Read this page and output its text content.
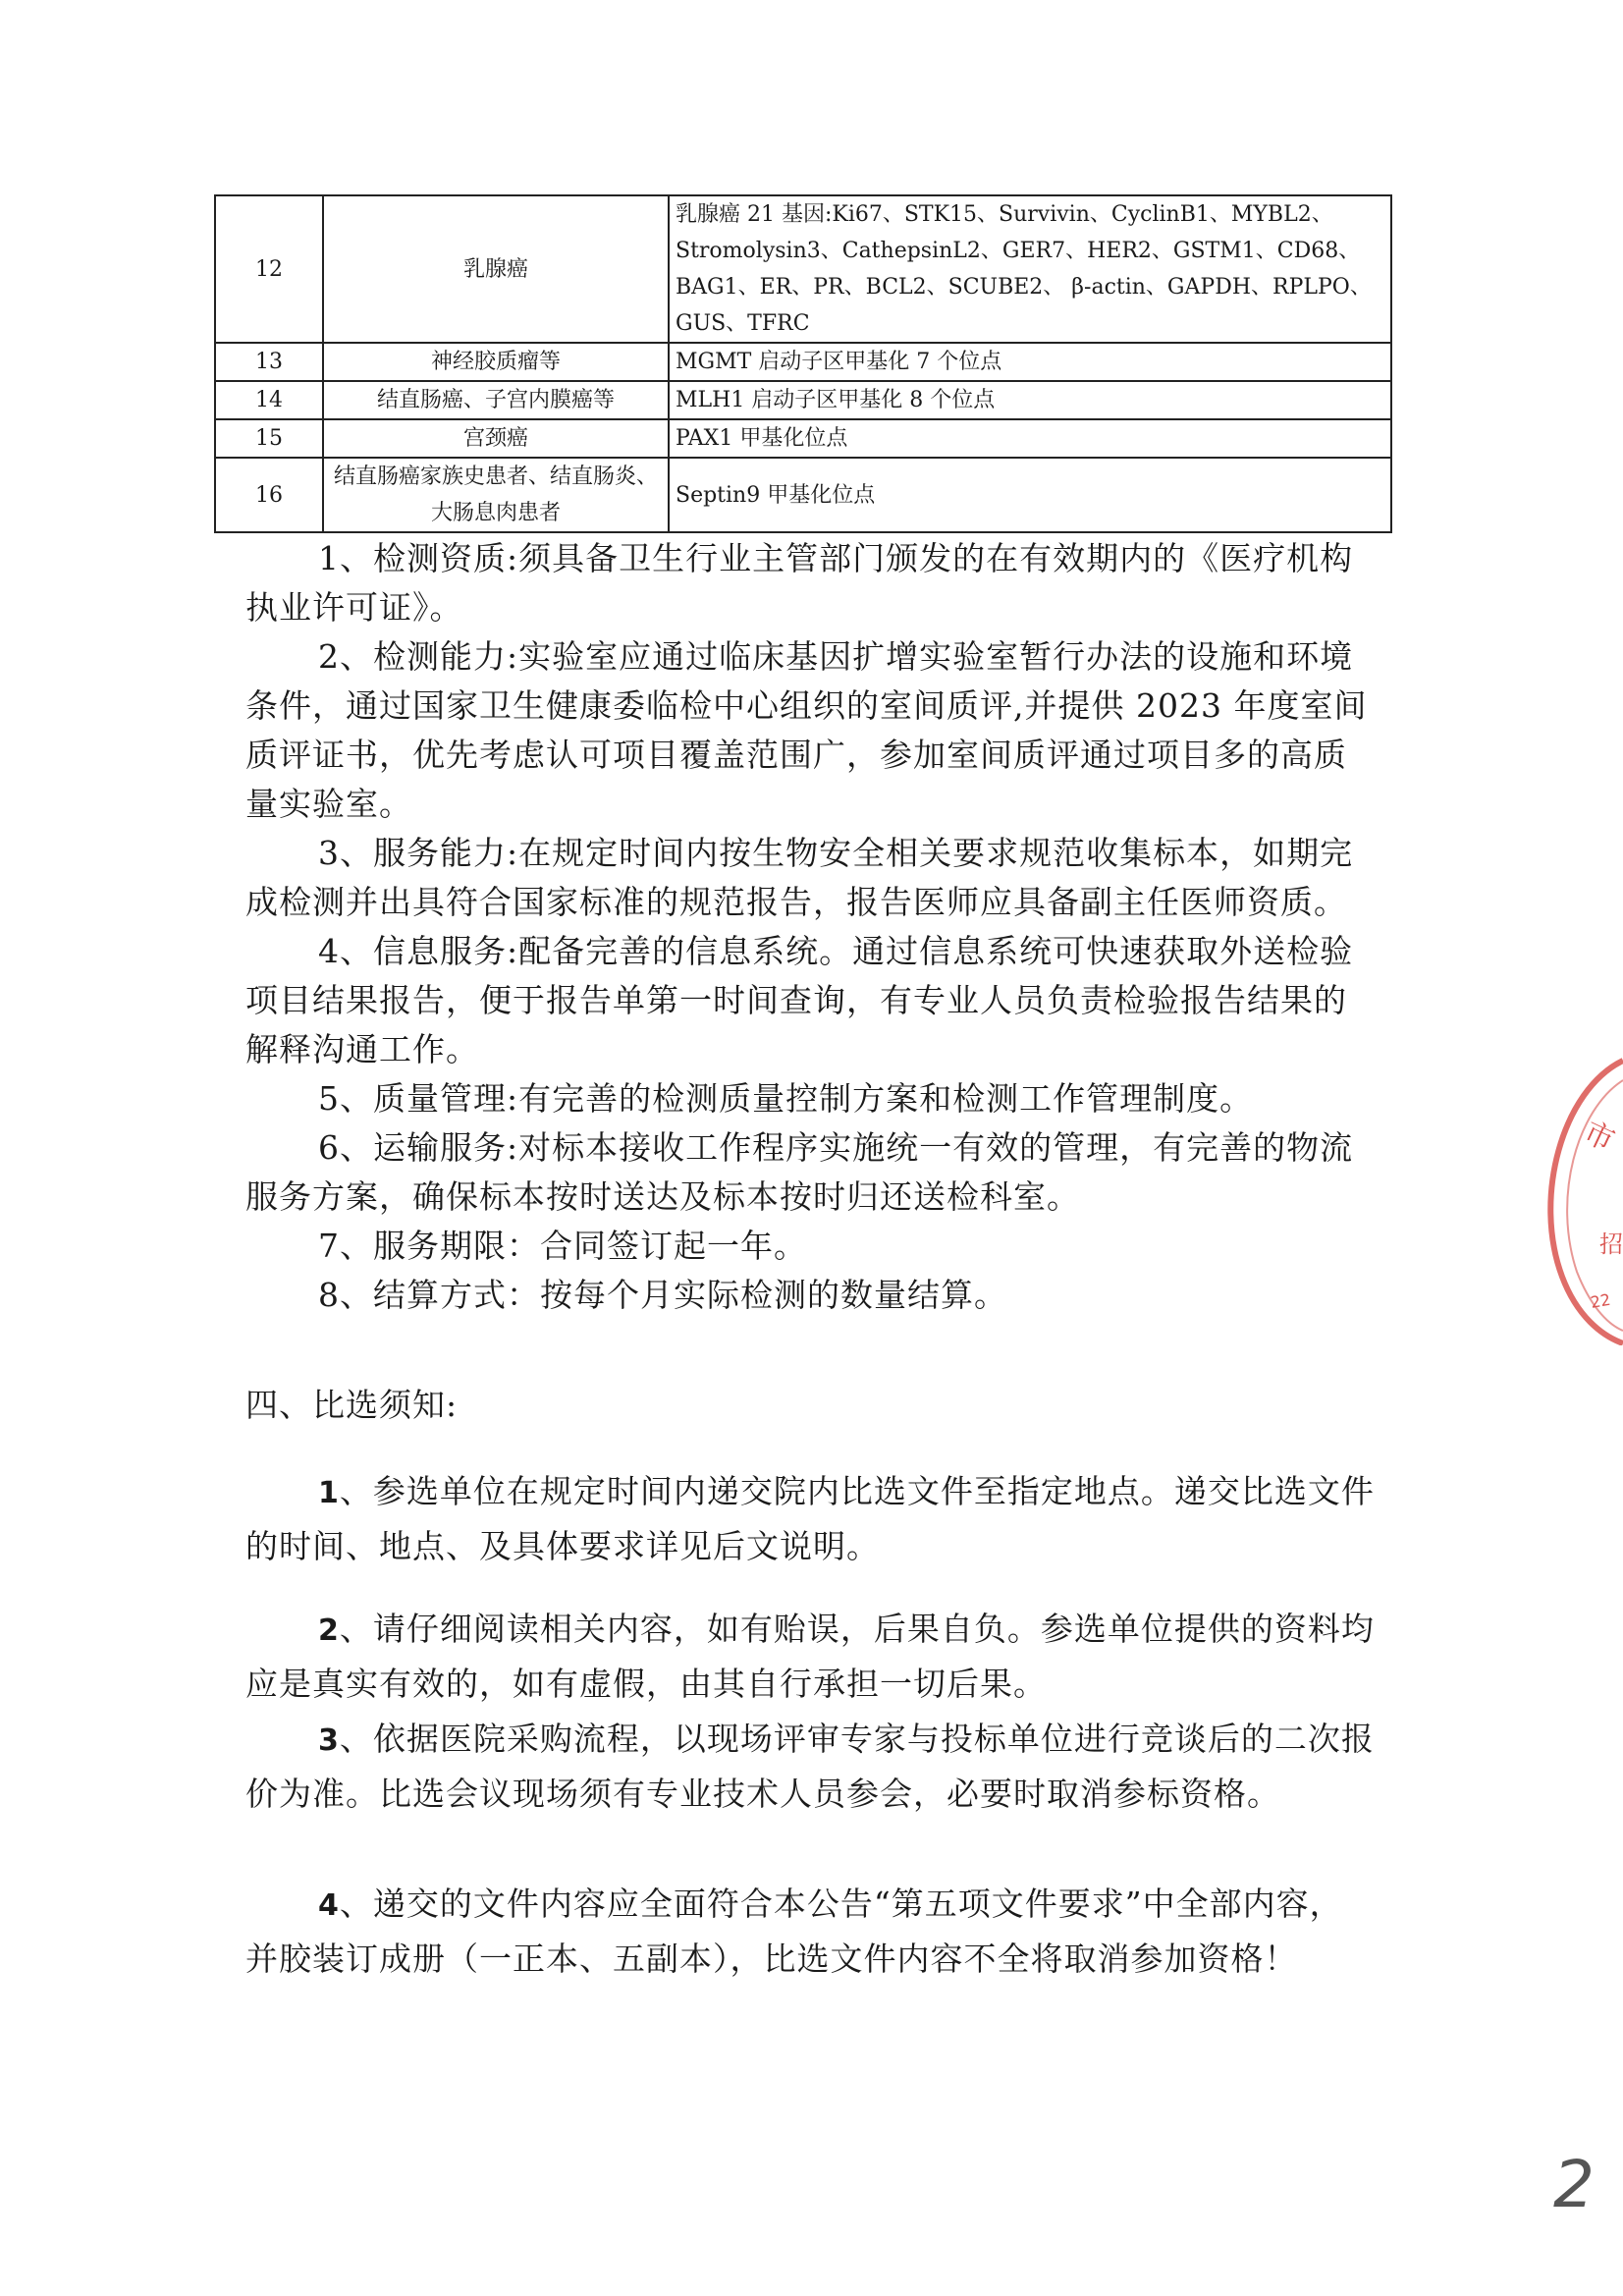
12	乳腺癌	乳腺癌 21 基因:Ki67、STK15、Survivin、CyclinB1、MYBL2、Stromolysin3、CathepsinL2、GER7、HER2、GSTM1、CD68、BAG1、ER、PR、BCL2、SCUBE2、 β-actin、GAPDH、RPLPO、GUS、TFRC
13	神经胶质瘤等	MGMT 启动子区甲基化 7 个位点
14	结直肠癌、子宫内膜癌等	MLH1 启动子区甲基化 8 个位点
15	宫颈癌	PAX1 甲基化位点
16	结直肠癌家族史患者、结直肠炎、大肠息肉患者	Septin9 甲基化位点

1、检测资质:须具备卫生行业主管部门颁发的在有效期内的《医疗机构执业许可证》。

2、检测能力:实验室应通过临床基因扩增实验室暂行办法的设施和环境条件，通过国家卫生健康委临检中心组织的室间质评,并提供 2023 年度室间质评证书，优先考虑认可项目覆盖范围广，参加室间质评通过项目多的高质量实验室。

3、服务能力:在规定时间内按生物安全相关要求规范收集标本，如期完成检测并出具符合国家标准的规范报告，报告医师应具备副主任医师资质。

4、信息服务:配备完善的信息系统。通过信息系统可快速获取外送检验项目结果报告，便于报告单第一时间查询，有专业人员负责检验报告结果的解释沟通工作。

5、质量管理:有完善的检测质量控制方案和检测工作管理制度。

6、运输服务:对标本接收工作程序实施统一有效的管理，有完善的物流服务方案，确保标本按时送达及标本按时归还送检科室。

7、服务期限：合同签订起一年。

8、结算方式：按每个月实际检测的数量结算。

四、比选须知:

1、参选单位在规定时间内递交院内比选文件至指定地点。递交比选文件的时间、地点、及具体要求详见后文说明。

2、请仔细阅读相关内容，如有贻误，后果自负。参选单位提供的资料均应是真实有效的，如有虚假，由其自行承担一切后果。

3、依据医院采购流程，以现场评审专家与投标单位进行竞谈后的二次报价为准。比选会议现场须有专业技术人员参会，必要时取消参标资格。

4、递交的文件内容应全面符合本公告“第五项文件要求”中全部内容，并胶装订成册（一正本、五副本），比选文件内容不全将取消参加资格！

市
招
22
2
